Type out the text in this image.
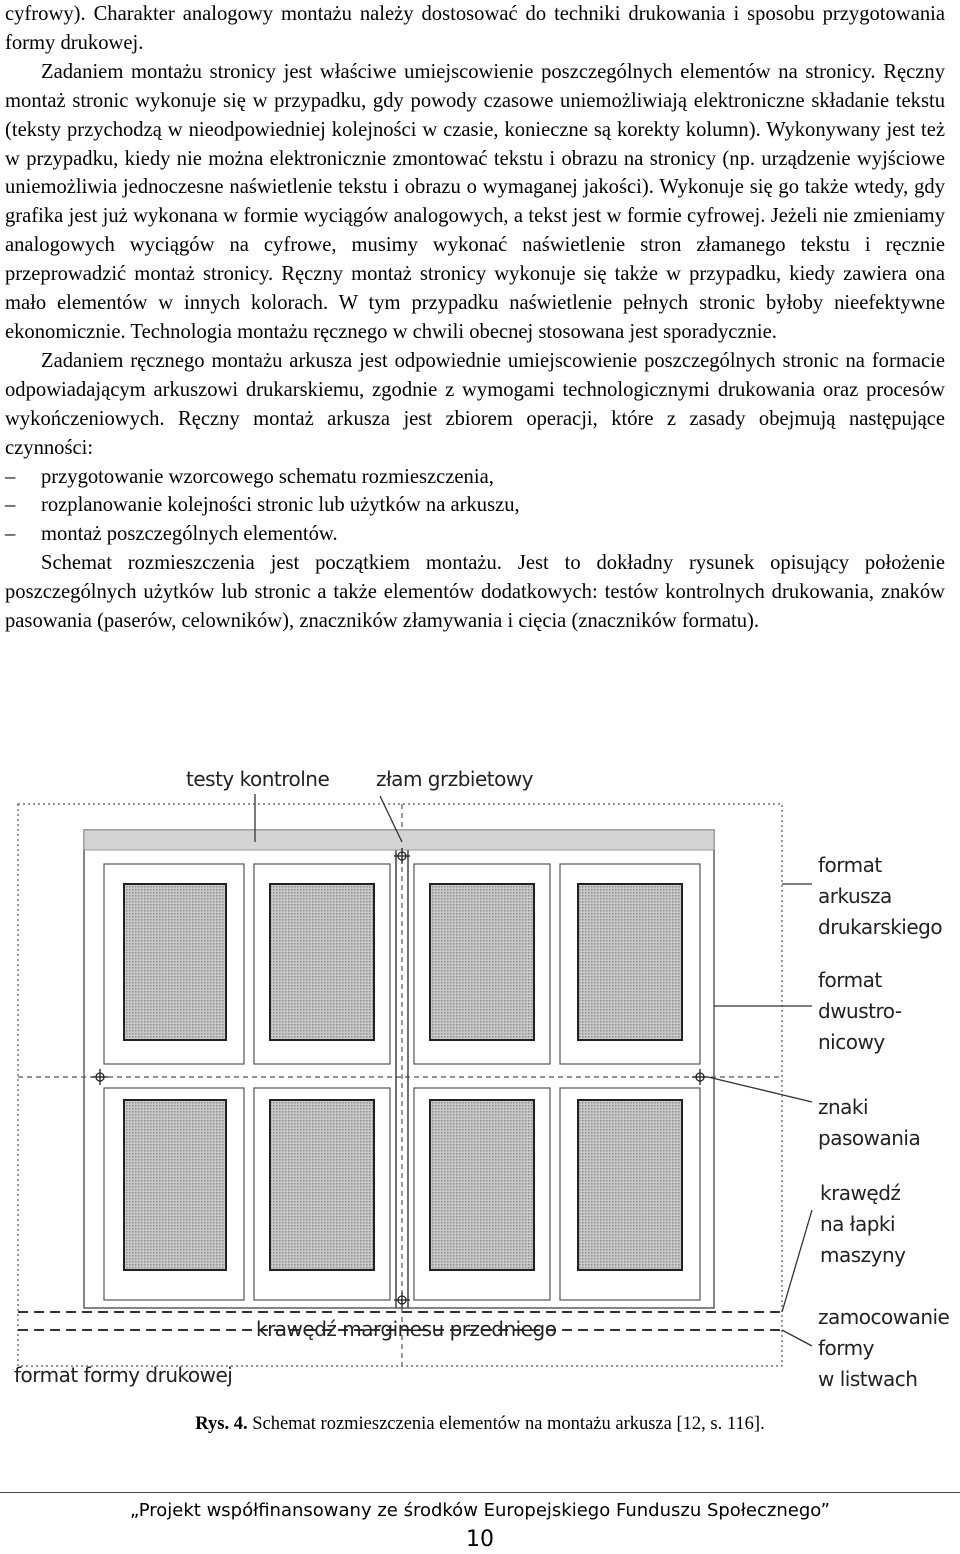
cyfrowy). Charakter analogowy montażu należy dostosować do techniki drukowania i sposobu przygotowania formy drukowej.

Zadaniem montażu stronicy jest właściwe umiejscowienie poszczególnych elementów na stronicy. Ręczny montaż stronic wykonuje się w przypadku, gdy powody czasowe uniemożliwiają elektroniczne składanie tekstu (teksty przychodzą w nieodpowiedniej kolejności w czasie, konieczne są korekty kolumn). Wykonywany jest też w przypadku, kiedy nie można elektronicznie zmontować tekstu i obrazu na stronicy (np. urządzenie wyjściowe uniemożliwia jednoczesne naświetlenie tekstu i obrazu o wymaganej jakości). Wykonuje się go także wtedy, gdy grafika jest już wykonana w formie wyciągów analogowych, a tekst jest w formie cyfrowej. Jeżeli nie zmieniamy analogowych wyciągów na cyfrowe, musimy wykonać naświetlenie stron złamanego tekstu i ręcznie przeprowadzić montaż stronicy. Ręczny montaż stronicy wykonuje się także w przypadku, kiedy zawiera ona mało elementów w innych kolorach. W tym przypadku naświetlenie pełnych stronic byłoby nieefektywne ekonomicznie. Technologia montażu ręcznego w chwili obecnej stosowana jest sporadycznie.

Zadaniem ręcznego montażu arkusza jest odpowiednie umiejscowienie poszczególnych stronic na formacie odpowiadającym arkuszowi drukarskiemu, zgodnie z wymogami technologicznymi drukowania oraz procesów wykończeniowych. Ręczny montaż arkusza jest zbiorem operacji, które z zasady obejmują następujące czynności:

–	przygotowanie wzorcowego schematu rozmieszczenia,
–	rozplanowanie kolejności stronic lub użytków na arkuszu,
–	montaż poszczególnych elementów.

Schemat rozmieszczenia jest początkiem montażu. Jest to dokładny rysunek opisujący położenie poszczególnych użytków lub stronic a także elementów dodatkowych: testów kontrolnych drukowania, znaków pasowania (paserów, celowników), znaczników złamywania i cięcia (znaczników formatu).

testy kontrolne złam grzbietowy
format
arkusza
drukarskiego
format
dwustro-
nicowy
znaki
pasowania
krawędź
na łapki
maszyny
zamocowanie
formy
w listwach
krawędź marginesu przedniego
format formy drukowej
Rys. 4. Schemat rozmieszczenia elementów na montażu arkusza [12, s. 116].
„Projekt współfinansowany ze środków Europejskiego Funduszu Społecznego”
10
